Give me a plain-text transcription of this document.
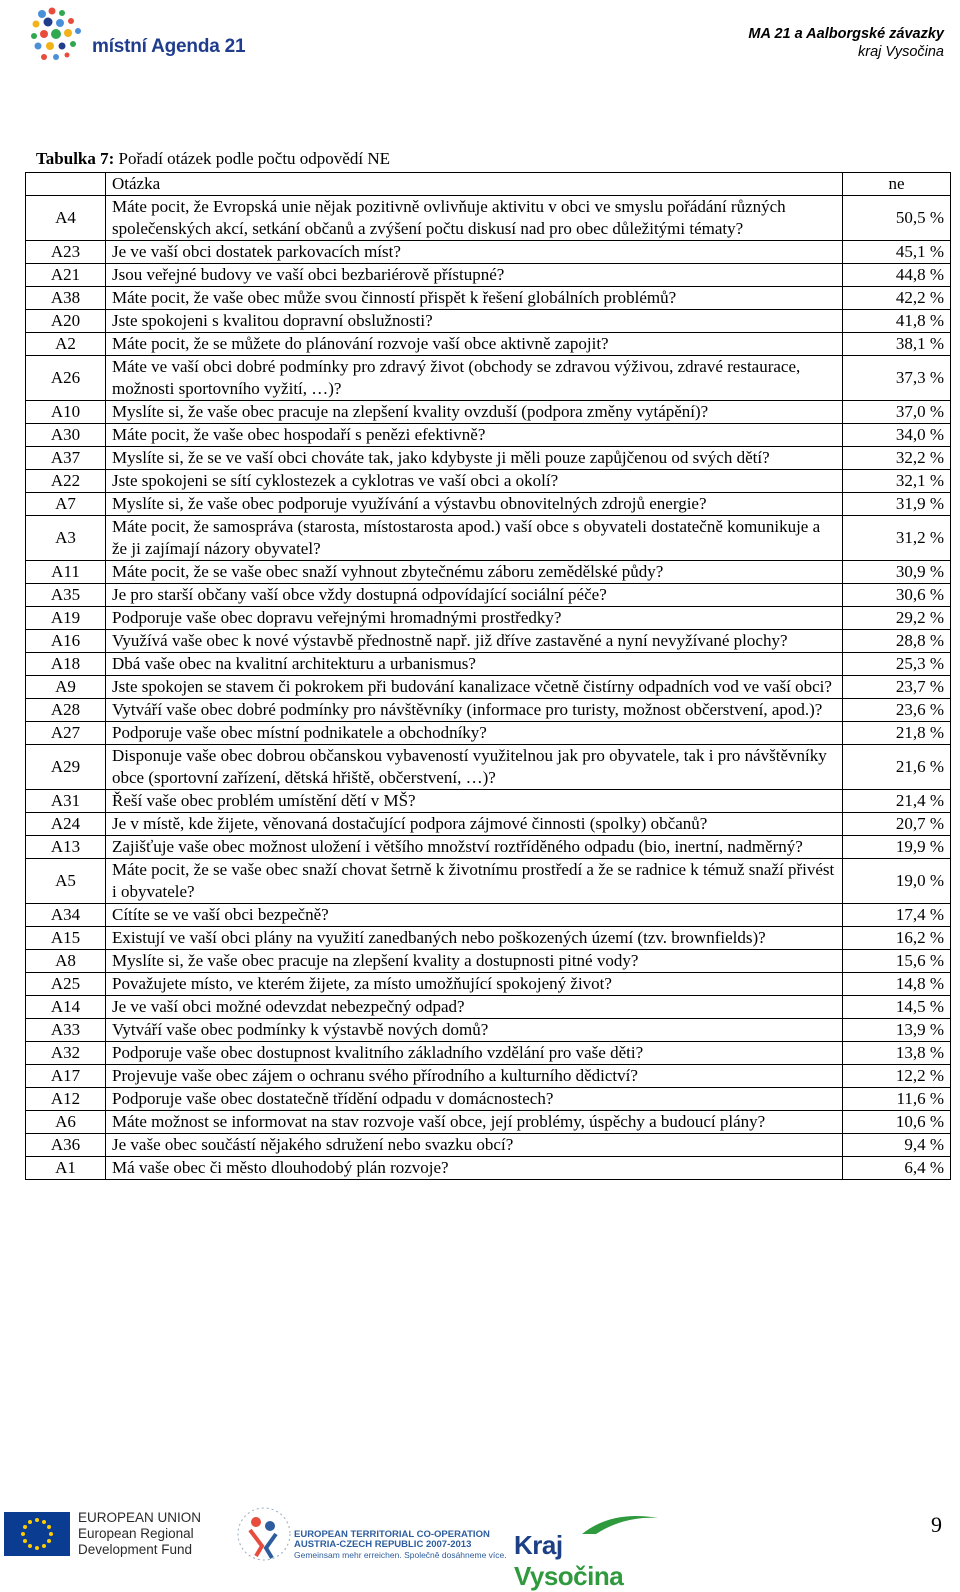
místní Agenda 21
MA 21 a Aalborgské závazky
kraj Vysočina
Tabulka 7: Pořadí otázek podle počtu odpovědí NE
	Otázka	ne
A4	Máte pocit, že Evropská unie nějak pozitivně ovlivňuje aktivitu v obci ve smyslu pořádání různých společenských akcí, setkání občanů a zvýšení počtu diskusí nad pro obec důležitými tématy?	50,5 %
A23	Je ve vaší obci dostatek parkovacích míst?	45,1 %
A21	Jsou veřejné budovy ve vaší obci bezbariérově přístupné?	44,8 %
A38	Máte pocit, že vaše obec může svou činností přispět k řešení globálních problémů?	42,2 %
A20	Jste spokojeni s kvalitou dopravní obslužnosti?	41,8 %
A2	Máte pocit, že se můžete do plánování rozvoje vaší obce aktivně zapojit?	38,1 %
A26	Máte ve vaší obci dobré podmínky pro zdravý život (obchody se zdravou výživou, zdravé restaurace, možnosti sportovního vyžití, …)?	37,3 %
A10	Myslíte si, že vaše obec pracuje na zlepšení kvality ovzduší (podpora změny vytápění)?	37,0 %
A30	Máte pocit, že vaše obec hospodaří s penězi efektivně?	34,0 %
A37	Myslíte si, že se ve vaší obci chováte tak, jako kdybyste ji měli pouze zapůjčenou od svých dětí?	32,2 %
A22	Jste spokojeni se sítí cyklostezek a cyklotras ve vaší obci a okolí?	32,1 %
A7	Myslíte si, že vaše obec podporuje využívání a výstavbu obnovitelných zdrojů energie?	31,9 %
A3	Máte pocit, že samospráva (starosta, místostarosta apod.) vaší obce s obyvateli dostatečně komunikuje a že ji zajímají názory obyvatel?	31,2 %
A11	Máte pocit, že se vaše obec snaží vyhnout zbytečnému záboru zemědělské půdy?	30,9 %
A35	Je pro starší občany vaší obce vždy dostupná odpovídající sociální péče?	30,6 %
A19	Podporuje vaše obec dopravu veřejnými hromadnými prostředky?	29,2 %
A16	Využívá vaše obec k nové výstavbě přednostně např. již dříve zastavěné a nyní nevyžívané plochy?	28,8 %
A18	Dbá vaše obec na kvalitní architekturu a urbanismus?	25,3 %
A9	Jste spokojen se stavem či pokrokem při budování kanalizace včetně čistírny odpadních vod ve vaší obci?	23,7 %
A28	Vytváří vaše obec dobré podmínky pro návštěvníky (informace pro turisty, možnost občerstvení, apod.)?	23,6 %
A27	Podporuje vaše obec místní podnikatele a obchodníky?	21,8 %
A29	Disponuje vaše obec dobrou občanskou vybaveností využitelnou jak pro obyvatele, tak i pro návštěvníky obce (sportovní zařízení, dětská hřiště, občerstvení, …)?	21,6 %
A31	Řeší vaše obec problém umístění dětí v MŠ?	21,4 %
A24	Je v místě, kde žijete, věnovaná dostačující podpora zájmové činnosti (spolky) občanů?	20,7 %
A13	Zajišťuje vaše obec možnost uložení i většího množství roztříděného odpadu (bio, inertní, nadměrný?	19,9 %
A5	Máte pocit, že se vaše obec snaží chovat šetrně k životnímu prostředí a že se radnice k témuž snaží přivést i obyvatele?	19,0 %
A34	Cítíte se ve vaší obci bezpečně?	17,4 %
A15	Existují ve vaší obci plány na využití zanedbaných nebo poškozených území (tzv. brownfields)?	16,2 %
A8	Myslíte si, že vaše obec pracuje na zlepšení kvality a dostupnosti pitné vody?	15,6 %
A25	Považujete místo, ve kterém žijete, za místo umožňující spokojený život?	14,8 %
A14	Je ve vaší obci možné odevzdat nebezpečný odpad?	14,5 %
A33	Vytváří vaše obec podmínky k výstavbě nových domů?	13,9 %
A32	Podporuje vaše obec dostupnost kvalitního základního vzdělání pro vaše děti?	13,8 %
A17	Projevuje vaše obec zájem o ochranu svého přírodního a kulturního dědictví?	12,2 %
A12	Podporuje vaše obec dostatečně třídění odpadu v domácnostech?	11,6 %
A6	Máte možnost se informovat na stav rozvoje vaší obce, její problémy, úspěchy a budoucí plány?	10,6 %
A36	Je vaše obec součástí nějakého sdružení nebo svazku obcí?	9,4 %
A1	Má vaše obec či město dlouhodobý plán rozvoje?	6,4 %
EUROPEAN UNION
European Regional
Development Fund
EUROPEAN TERRITORIAL CO-OPERATION
AUSTRIA-CZECH REPUBLIC 2007-2013
Gemeinsam mehr erreichen. Společně dosáhneme více. Kraj Vysočina
9
